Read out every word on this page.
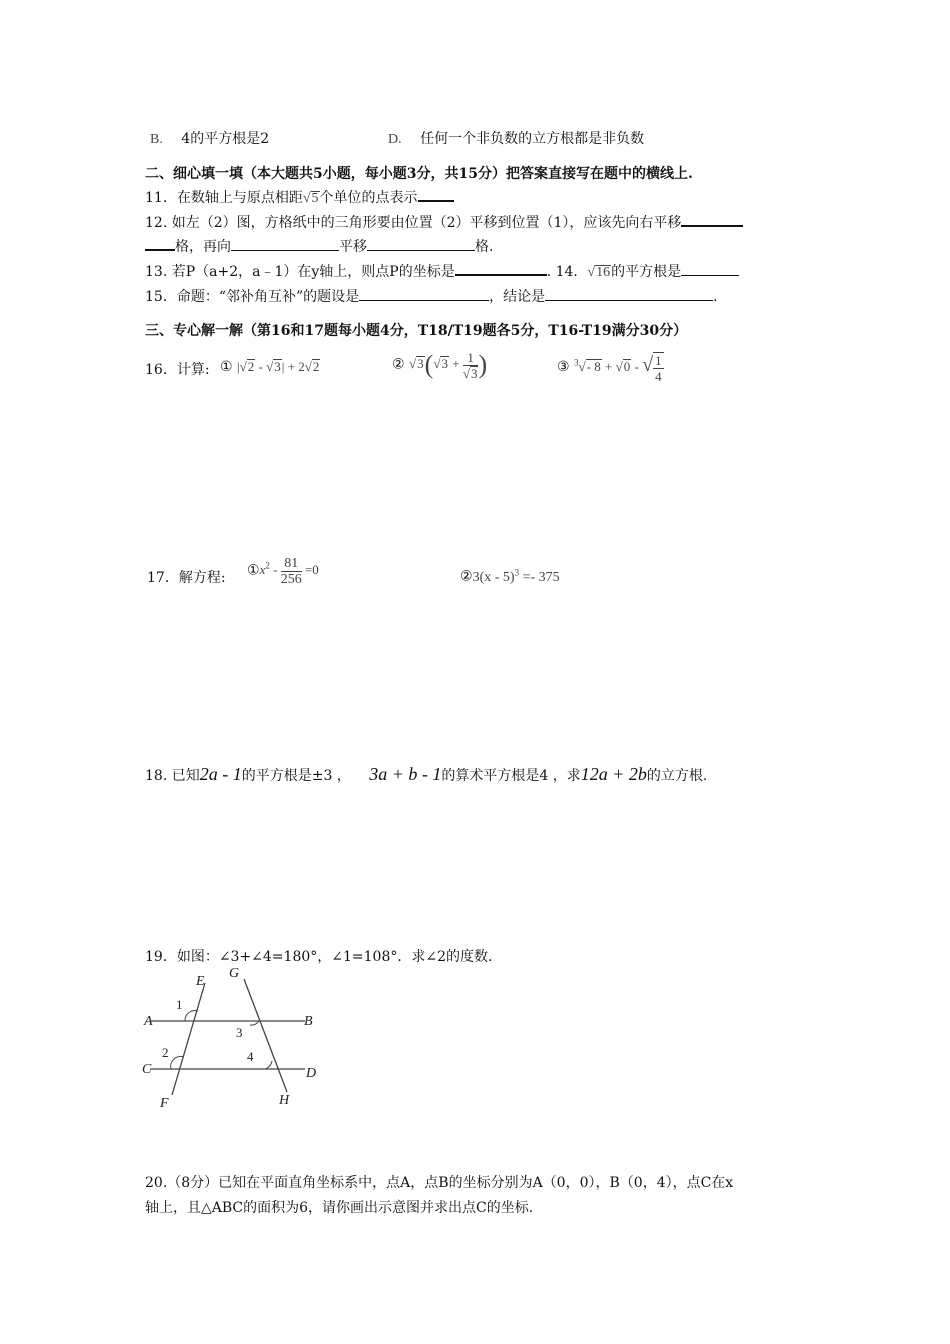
B. 4的平方根是2	D. 任何一个非负数的立方根都是非负数
二、细心填一填（本大题共5小题，每小题3分，共15分）把答案直接写在题中的横线上.
11．在数轴上与原点相距√5个单位的点表示
12. 如左（2）图，方格纸中的三角形要由位置（2）平移到位置（1），应该先向右平移
格，再向	平移	格.
13. 若P（a+2，a﹣1）在y轴上，则点P的坐标是	. 14．√16的平方根是
15．命题：“邻补角互补”的题设是	，结论是	.
三、专心解一解（第16和17题每小题4分，T18/T19题各5分，T16-T19满分30分）
16．计算: ① |√2 - √3| + 2√2	② $√3(√3 + \frac{1}{√3}$ )	③ $^3$√- 8 + √0 - √ $\frac{1}{4}$
17．解方程: $①x^2 - \frac{81}{256} =0$	②3(x - 5)$^3$ =- 375
18. 已知2a - 1的平方根是±3 ， 3a + b - 1的算术平方根是4 ，求12a + 2b的立方根.
19．如图：∠3+∠4=180°，∠1=108°．求∠2的度数．
E
G
A	B
C	D
F	H
1
2
3
4
20.（8分）已知在平面直角坐标系中，点A，点B的坐标分别为A（0，0），B（0，4），点C在x
轴上，且△ABC的面积为6，请你画出示意图并求出点C的坐标.
